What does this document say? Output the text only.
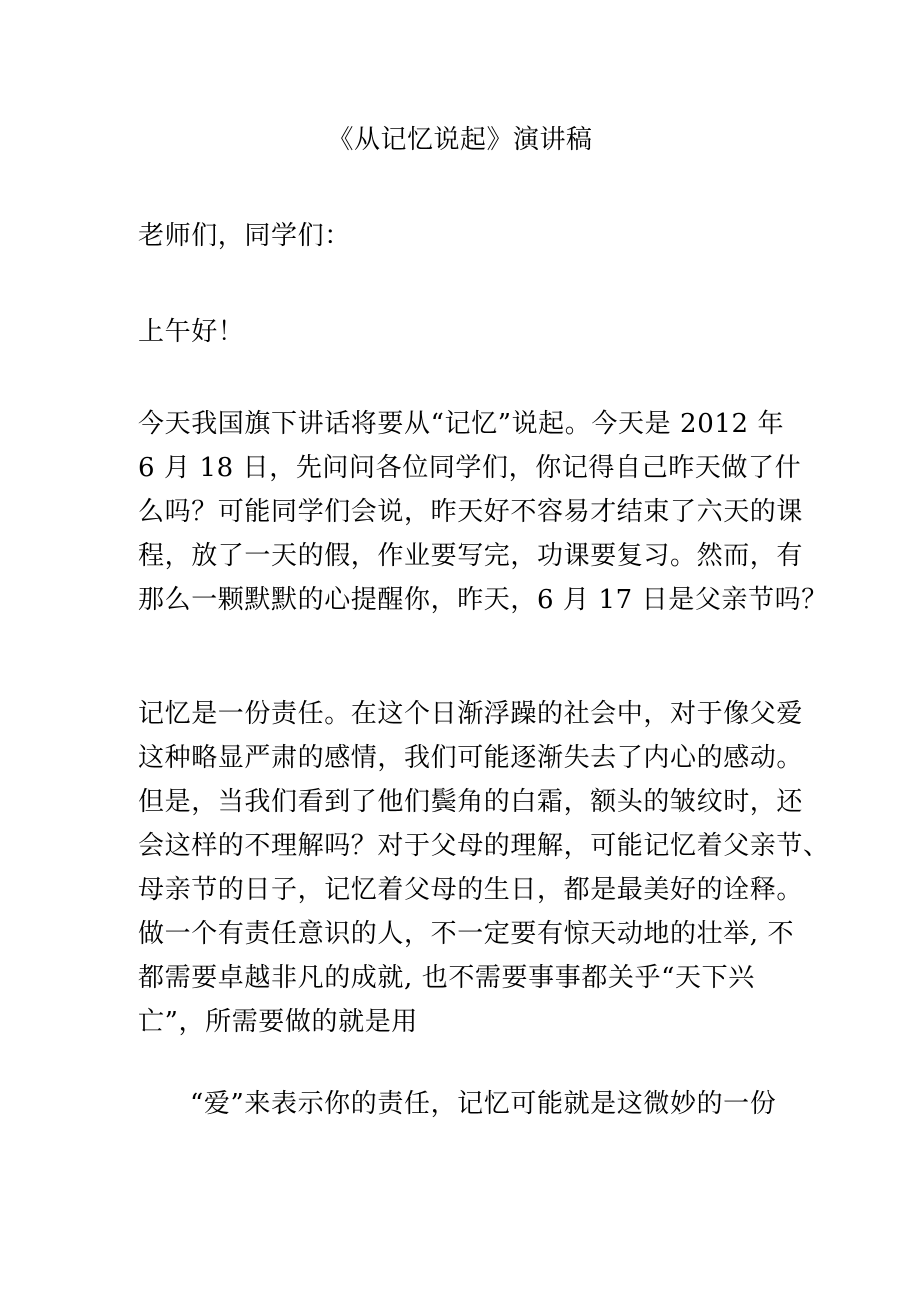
《从记忆说起》演讲稿
老师们，同学们：
上午好！
今天我国旗下讲话将要从“记忆”说起。今天是 2012 年
6 月 18 日，先问问各位同学们，你记得自己昨天做了什
么吗？可能同学们会说，昨天好不容易才结束了六天的课
程，放了一天的假，作业要写完，功课要复习。然而，有
那么一颗默默的心提醒你，昨天，6 月 17 日是父亲节吗？
记忆是一份责任。在这个日渐浮躁的社会中，对于像父爱
这种略显严肃的感情，我们可能逐渐失去了内心的感动。
但是，当我们看到了他们鬓角的白霜，额头的皱纹时，还
会这样的不理解吗？对于父母的理解，可能记忆着父亲节、
母亲节的日子，记忆着父母的生日，都是最美好的诠释。
做一个有责任意识的人，不一定要有惊天动地的壮举, 不
都需要卓越非凡的成就, 也不需要事事都关乎“天下兴
亡”，所需要做的就是用
“爱”来表示你的责任，记忆可能就是这微妙的一份
